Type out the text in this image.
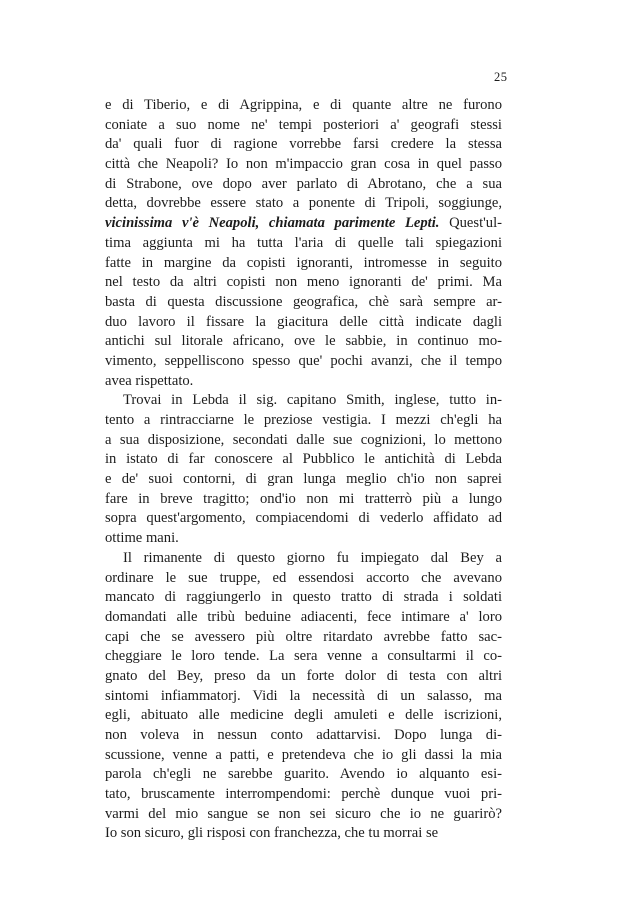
25
e di Tiberio, e di Agrippina, e di quante altre ne furono
coniate a suo nome ne' tempi posteriori a' geografi stessi
da' quali fuor di ragione vorrebbe farsi credere la stessa
città che Neapoli? Io non m'impaccio gran cosa in quel passo
di Strabone, ove dopo aver parlato di Abrotano, che a sua
detta, dovrebbe essere stato a ponente di Tripoli, soggiunge,
vicinissima v'è Neapoli, chiamata parimente Lepti. Quest'ul-
tima aggiunta mi ha tutta l'aria di quelle tali spiegazioni
fatte in margine da copisti ignoranti, intromesse in seguito
nel testo da altri copisti non meno ignoranti de' primi. Ma
basta di questa discussione geografica, chè sarà sempre ar-
duo lavoro il fissare la giacitura delle città indicate dagli
antichi sul litorale africano, ove le sabbie, in continuo mo-
vimento, seppelliscono spesso que' pochi avanzi, che il tempo
avea rispettato.
Trovai in Lebda il sig. capitano Smith, inglese, tutto in-
tento a rintracciarne le preziose vestigia. I mezzi ch'egli ha
a sua disposizione, secondati dalle sue cognizioni, lo mettono
in istato di far conoscere al Pubblico le antichità di Lebda
e de' suoi contorni, di gran lunga meglio ch'io non saprei
fare in breve tragitto; ond'io non mi tratterrò più a lungo
sopra quest'argomento, compiacendomi di vederlo affidato ad
ottime mani.
Il rimanente di questo giorno fu impiegato dal Bey a
ordinare le sue truppe, ed essendosi accorto che avevano
mancato di raggiungerlo in questo tratto di strada i soldati
domandati alle tribù beduine adiacenti, fece intimare a' loro
capi che se avessero più oltre ritardato avrebbe fatto sac-
cheggiare le loro tende. La sera venne a consultarmi il co-
gnato del Bey, preso da un forte dolor di testa con altri
sintomi infiammatorj. Vidi la necessità di un salasso, ma
egli, abituato alle medicine degli amuleti e delle iscrizioni,
non voleva in nessun conto adattarvisi. Dopo lunga di-
scussione, venne a patti, e pretendeva che io gli dassi la mia
parola ch'egli ne sarebbe guarito. Avendo io alquanto esi-
tato, bruscamente interrompendomi: perchè dunque vuoi pri-
varmi del mio sangue se non sei sicuro che io ne guarirò?
Io son sicuro, gli risposi con franchezza, che tu morrai se
